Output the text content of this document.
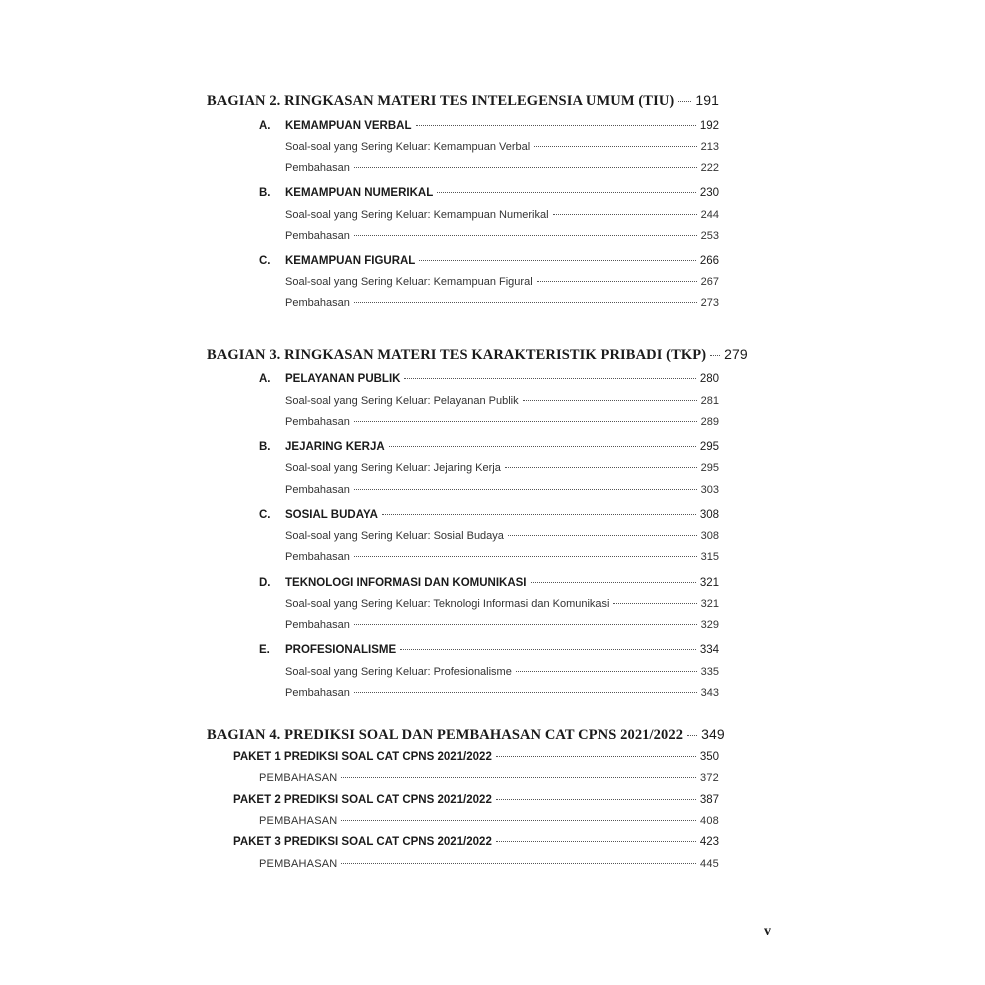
BAGIAN 2. RINGKASAN MATERI TES INTELEGENSIA UMUM (TIU) 191
A.	KEMAMPUAN VERBAL	192
Soal-soal yang Sering Keluar: Kemampuan Verbal	213
Pembahasan	222
B.	KEMAMPUAN NUMERIKAL	230
Soal-soal yang Sering Keluar: Kemampuan Numerikal	244
Pembahasan	253
C.	KEMAMPUAN FIGURAL	266
Soal-soal yang Sering Keluar: Kemampuan Figural	267
Pembahasan	273
BAGIAN 3. RINGKASAN MATERI TES KARAKTERISTIK PRIBADI (TKP) 279
A.	PELAYANAN PUBLIK	280
Soal-soal yang Sering Keluar: Pelayanan Publik	281
Pembahasan	289
B.	JEJARING KERJA	295
Soal-soal yang Sering Keluar: Jejaring Kerja	295
Pembahasan	303
C.	SOSIAL BUDAYA	308
Soal-soal yang Sering Keluar: Sosial Budaya	308
Pembahasan	315
D.	TEKNOLOGI INFORMASI DAN KOMUNIKASI	321
Soal-soal yang Sering Keluar: Teknologi Informasi dan Komunikasi	321
Pembahasan	329
E.	PROFESIONALISME	334
Soal-soal yang Sering Keluar: Profesionalisme	335
Pembahasan	343
BAGIAN 4. PREDIKSI SOAL DAN PEMBAHASAN CAT CPNS 2021/2022 349
PAKET 1 PREDIKSI SOAL CAT CPNS 2021/2022	350
PEMBAHASAN	372
PAKET 2 PREDIKSI SOAL CAT CPNS 2021/2022	387
PEMBAHASAN	408
PAKET 3 PREDIKSI SOAL CAT CPNS 2021/2022	423
PEMBAHASAN	445
v
